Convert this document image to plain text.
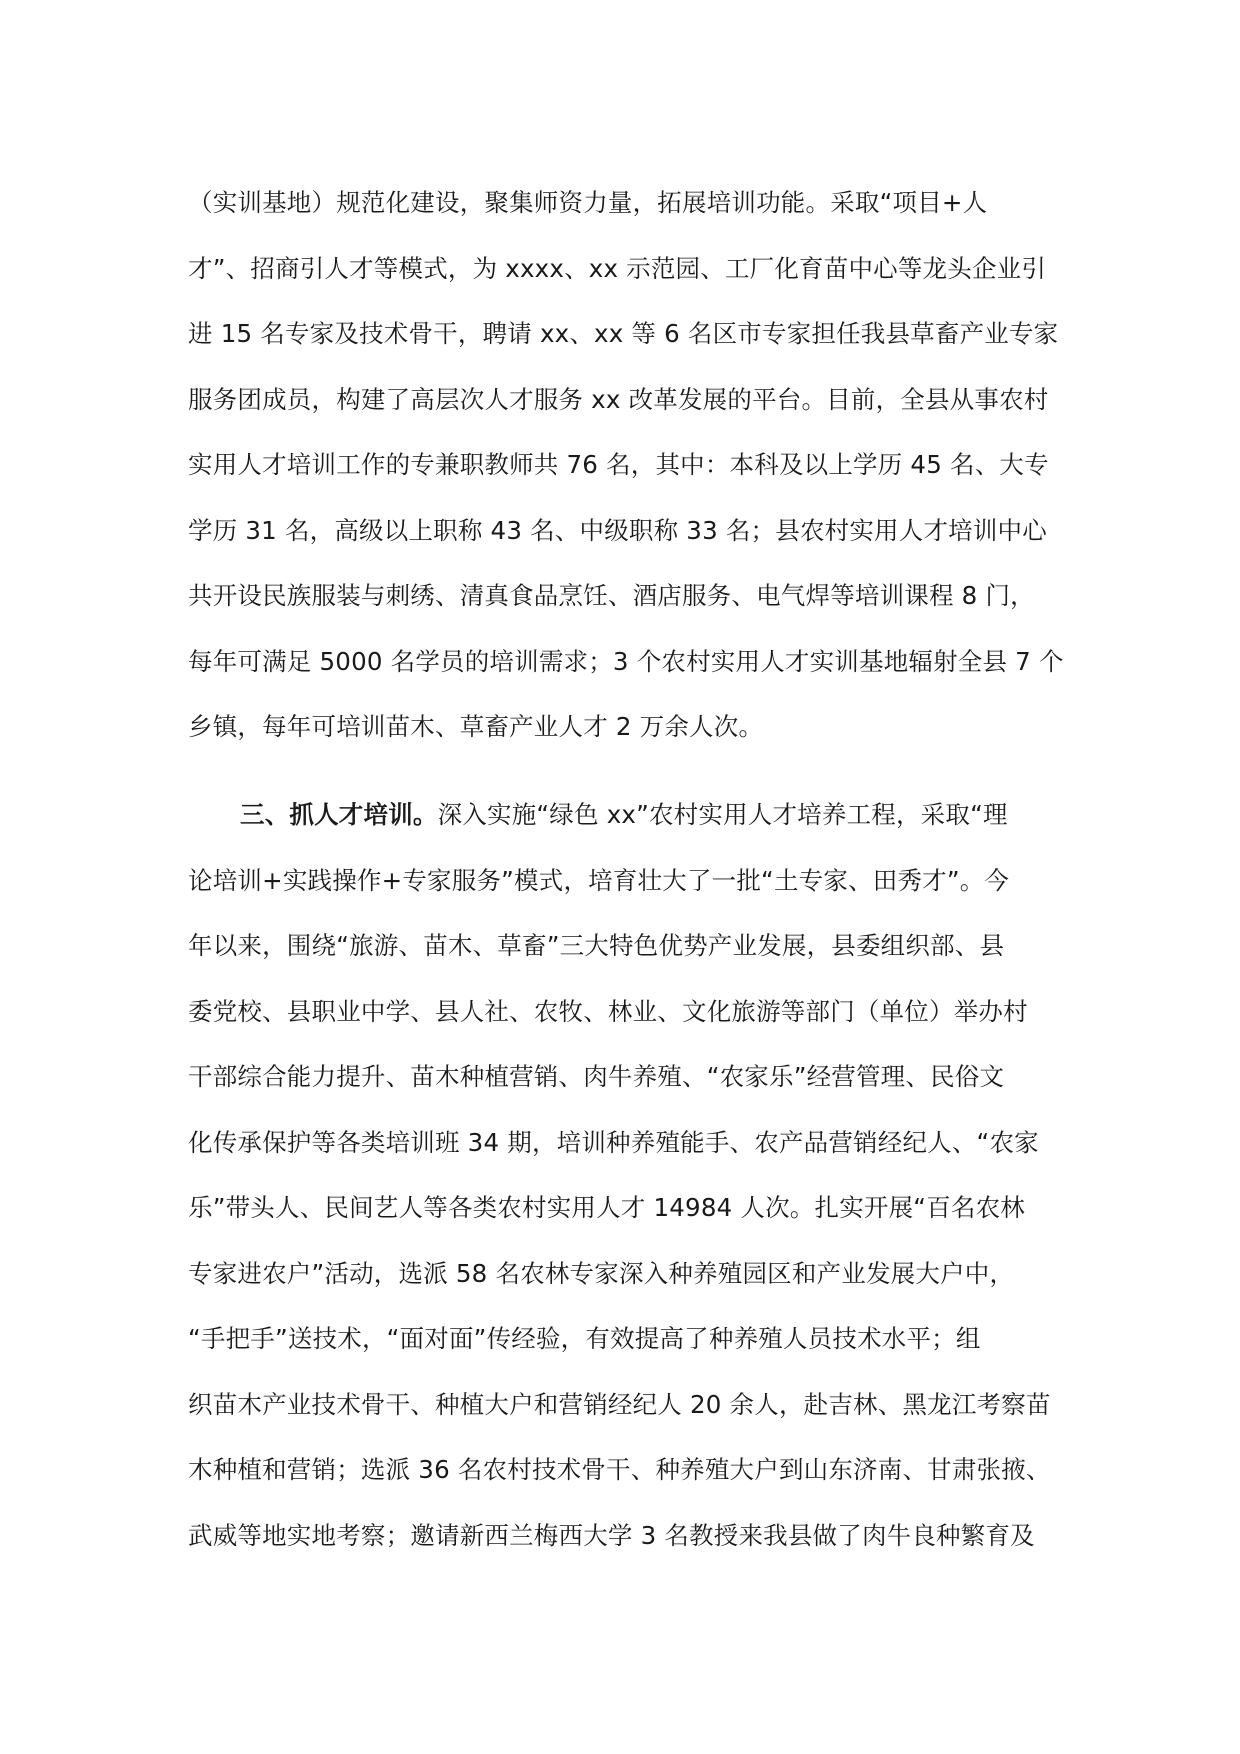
（实训基地）规范化建设，聚集师资力量，拓展培训功能。采取“项目+人
才”、招商引人才等模式，为 xxxx、xx 示范园、工厂化育苗中心等龙头企业引
进 15 名专家及技术骨干，聘请 xx、xx 等 6 名区市专家担任我县草畜产业专家
服务团成员，构建了高层次人才服务 xx 改革发展的平台。目前，全县从事农村
实用人才培训工作的专兼职教师共 76 名，其中：本科及以上学历 45 名、大专
学历 31 名，高级以上职称 43 名、中级职称 33 名；县农村实用人才培训中心
共开设民族服装与刺绣、清真食品烹饪、酒店服务、电气焊等培训课程 8 门，
每年可满足 5000 名学员的培训需求；3 个农村实用人才实训基地辐射全县 7 个
乡镇，每年可培训苗木、草畜产业人才 2 万余人次。
三、抓人才培训。深入实施“绿色 xx”农村实用人才培养工程，采取“理
论培训+实践操作+专家服务”模式，培育壮大了一批“土专家、田秀才”。今
年以来，围绕“旅游、苗木、草畜”三大特色优势产业发展，县委组织部、县
委党校、县职业中学、县人社、农牧、林业、文化旅游等部门（单位）举办村
干部综合能力提升、苗木种植营销、肉牛养殖、“农家乐”经营管理、民俗文
化传承保护等各类培训班 34 期，培训种养殖能手、农产品营销经纪人、“农家
乐”带头人、民间艺人等各类农村实用人才 14984 人次。扎实开展“百名农林
专家进农户”活动，选派 58 名农林专家深入种养殖园区和产业发展大户中，
“手把手”送技术，“面对面”传经验，有效提高了种养殖人员技术水平；组
织苗木产业技术骨干、种植大户和营销经纪人 20 余人，赴吉林、黑龙江考察苗
木种植和营销；选派 36 名农村技术骨干、种养殖大户到山东济南、甘肃张掖、
武威等地实地考察；邀请新西兰梅西大学 3 名教授来我县做了肉牛良种繁育及
